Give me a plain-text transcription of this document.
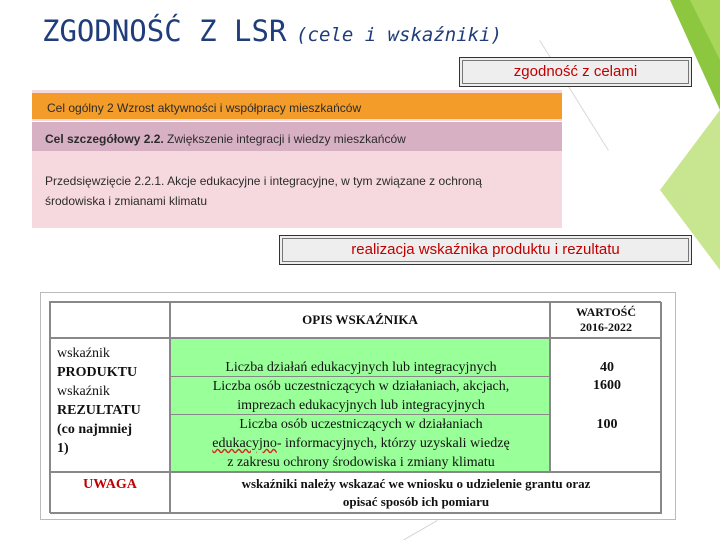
ZGODNOŚĆ Z LSR (cele i wskaźniki)
zgodność z celami
Cel ogólny 2 Wzrost aktywności i współpracy mieszkańców
Cel szczegółowy 2.2. Zwiększenie integracji i wiedzy mieszkańców
Przedsięwzięcie 2.2.1. Akcje edukacyjne i integracyjne, w tym związane z ochroną
środowiska i zmianami klimatu
realizacja wskaźnika produktu i rezultatu
OPIS WSKAŹNIKA	WARTOŚĆ
2016-2022
wskaźnik
PRODUKTU
wskaźnik
REZULTATU
(co najmniej
1)
Liczba działań edukacyjnych lub integracyjnych
Liczba osób uczestniczących w działaniach, akcjach,
imprezach edukacyjnych lub integracyjnych
Liczba osób uczestniczących w działaniach
edukacyjno- informacyjnych, którzy uzyskali wiedzę
z zakresu ochrony środowiska i zmiany klimatu
40
1600
100
UWAGA	wskaźniki należy wskazać we wniosku o udzielenie grantu oraz
opisać sposób ich pomiaru
